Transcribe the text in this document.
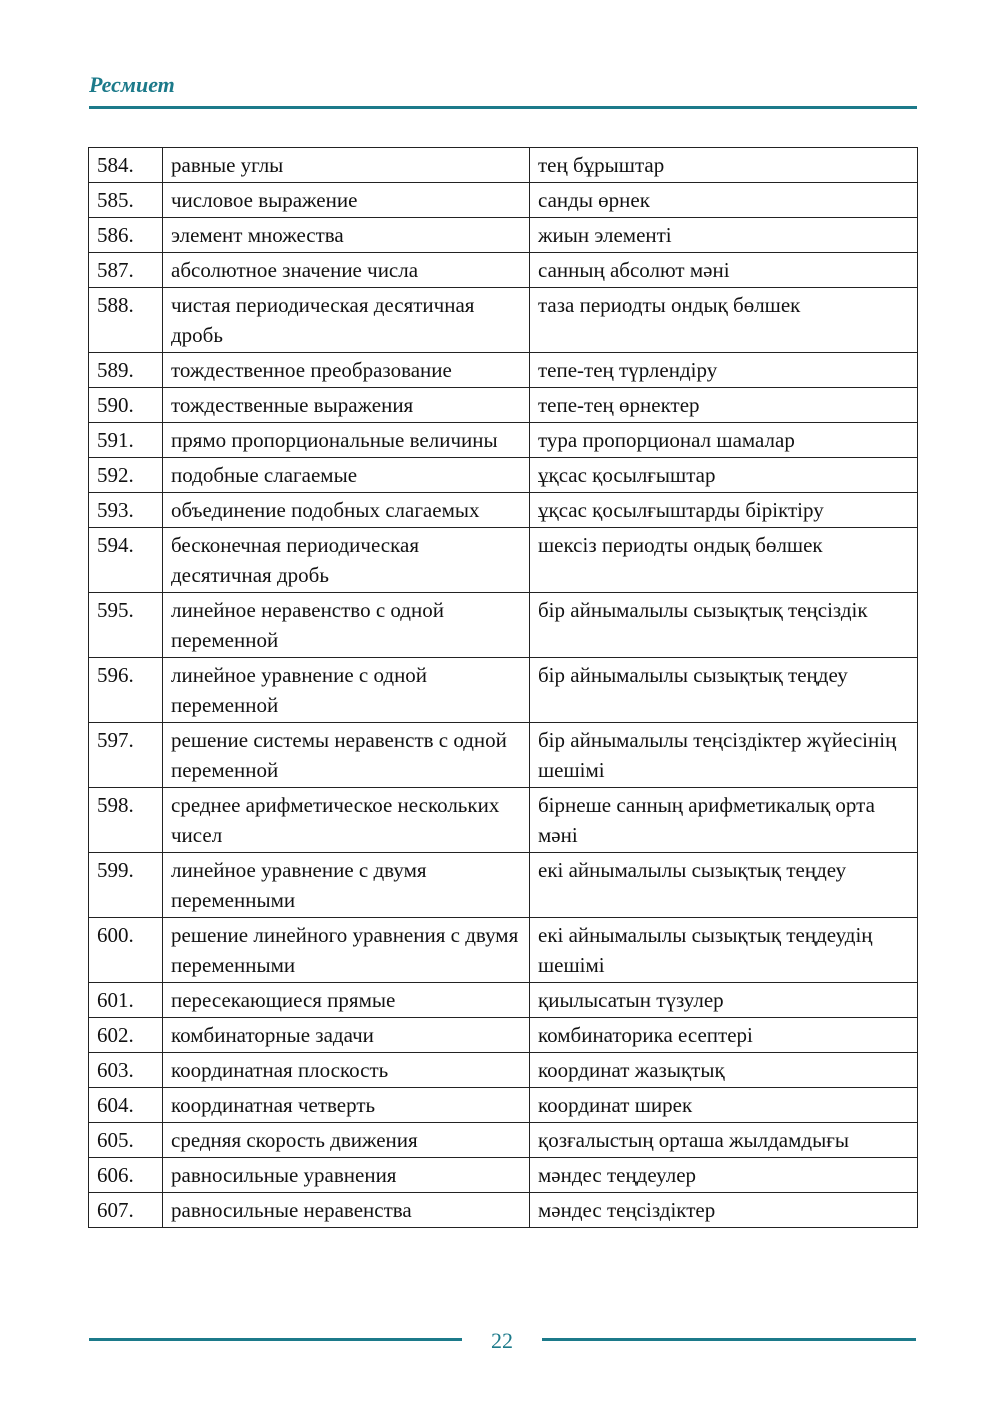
Ресмиет
584.	равные углы	тең бұрыштар
585.	числовое выражение	санды өрнек
586.	элемент множества	жиын элементі
587.	абсолютное значение числа	санның абсолют мәні
588.	чистая периодическая десятичная дробь	таза периодты ондық бөлшек
589.	тождественное преобразование	тепе-тең түрлендіру
590.	тождественные выражения	тепе-тең өрнектер
591.	прямо пропорциональные величины	тура пропорционал шамалар
592.	подобные слагаемые	ұқсас қосылғыштар
593.	объединение подобных слагаемых	ұқсас қосылғыштарды біріктіру
594.	бесконечная периодическая десятичная дробь	шексіз периодты ондық бөлшек
595.	линейное неравенство с одной переменной	бір айнымалылы сызықтық теңсіздік
596.	линейное уравнение с одной переменной	бір айнымалылы сызықтық теңдеу
597.	решение системы неравенств с одной переменной	бір айнымалылы теңсіздіктер жүйесінің шешімі
598.	среднее арифметическое нескольких чисел	бірнеше санның арифметикалық орта мәні
599.	линейное уравнение с двумя переменными	екі айнымалылы сызықтық теңдеу
600.	решение линейного уравнения с двумя переменными	екі айнымалылы сызықтық теңдеудің шешімі
601.	пересекающиеся прямые	қиылысатын түзулер
602.	комбинаторные задачи	комбинаторика есептері
603.	координатная плоскость	координат жазықтық
604.	координатная четверть	координат ширек
605.	средняя скорость движения	қозғалыстың орташа жылдамдығы
606.	равносильные уравнения	мәндес теңдеулер
607.	равносильные неравенства	мәндес теңсіздіктер
22
